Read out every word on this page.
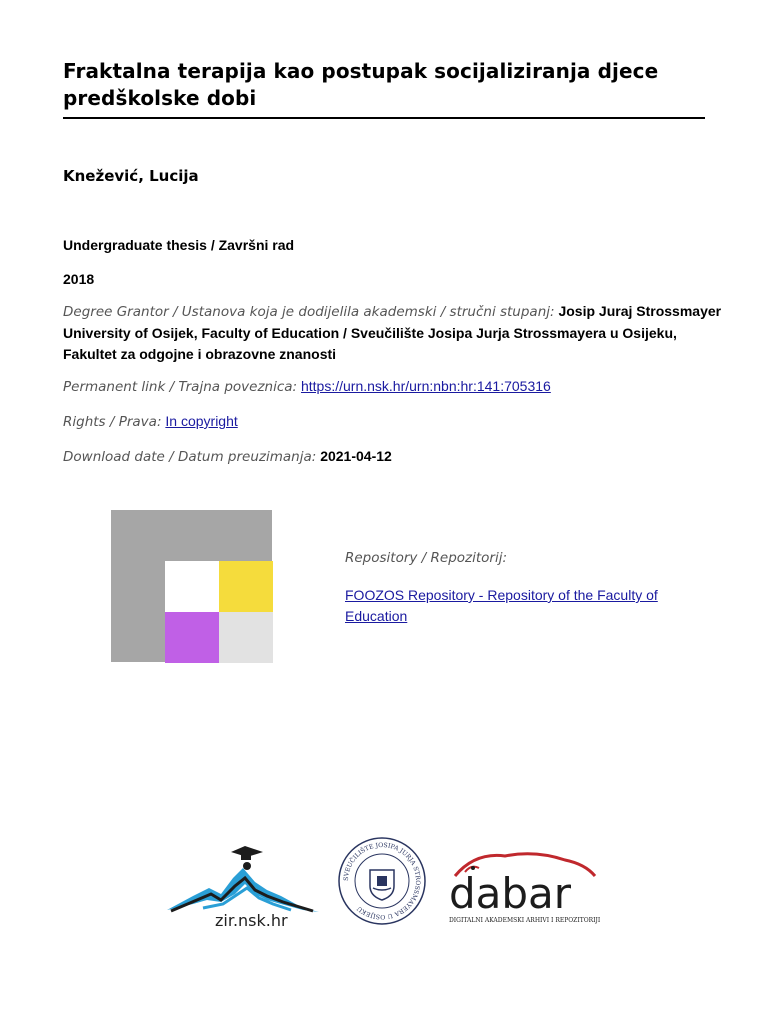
Fraktalna terapija kao postupak socijaliziranja djece predškolske dobi
Knežević, Lucija
Undergraduate thesis / Završni rad
2018
Degree Grantor / Ustanova koja je dodijelila akademski / stručni stupanj: Josip Juraj Strossmayer University of Osijek, Faculty of Education / Sveučilište Josipa Jurja Strossmayera u Osijeku, Fakultet za odgojne i obrazovne znanosti
Permanent link / Trajna poveznica: https://urn.nsk.hr/urn:nbn:hr:141:705316
Rights / Prava: In copyright
Download date / Datum preuzimanja: 2021-04-12
Repository / Repozitorij:
FOOZOS Repository - Repository of the Faculty of Education
zir.nsk.hr
SVEUČILIŠTE JOSIPA JURJA STROSSMAYERA U OSIJEKU	dabar
DIGITALNI AKADEMSKI ARHIVI I REPOZITORIJI
